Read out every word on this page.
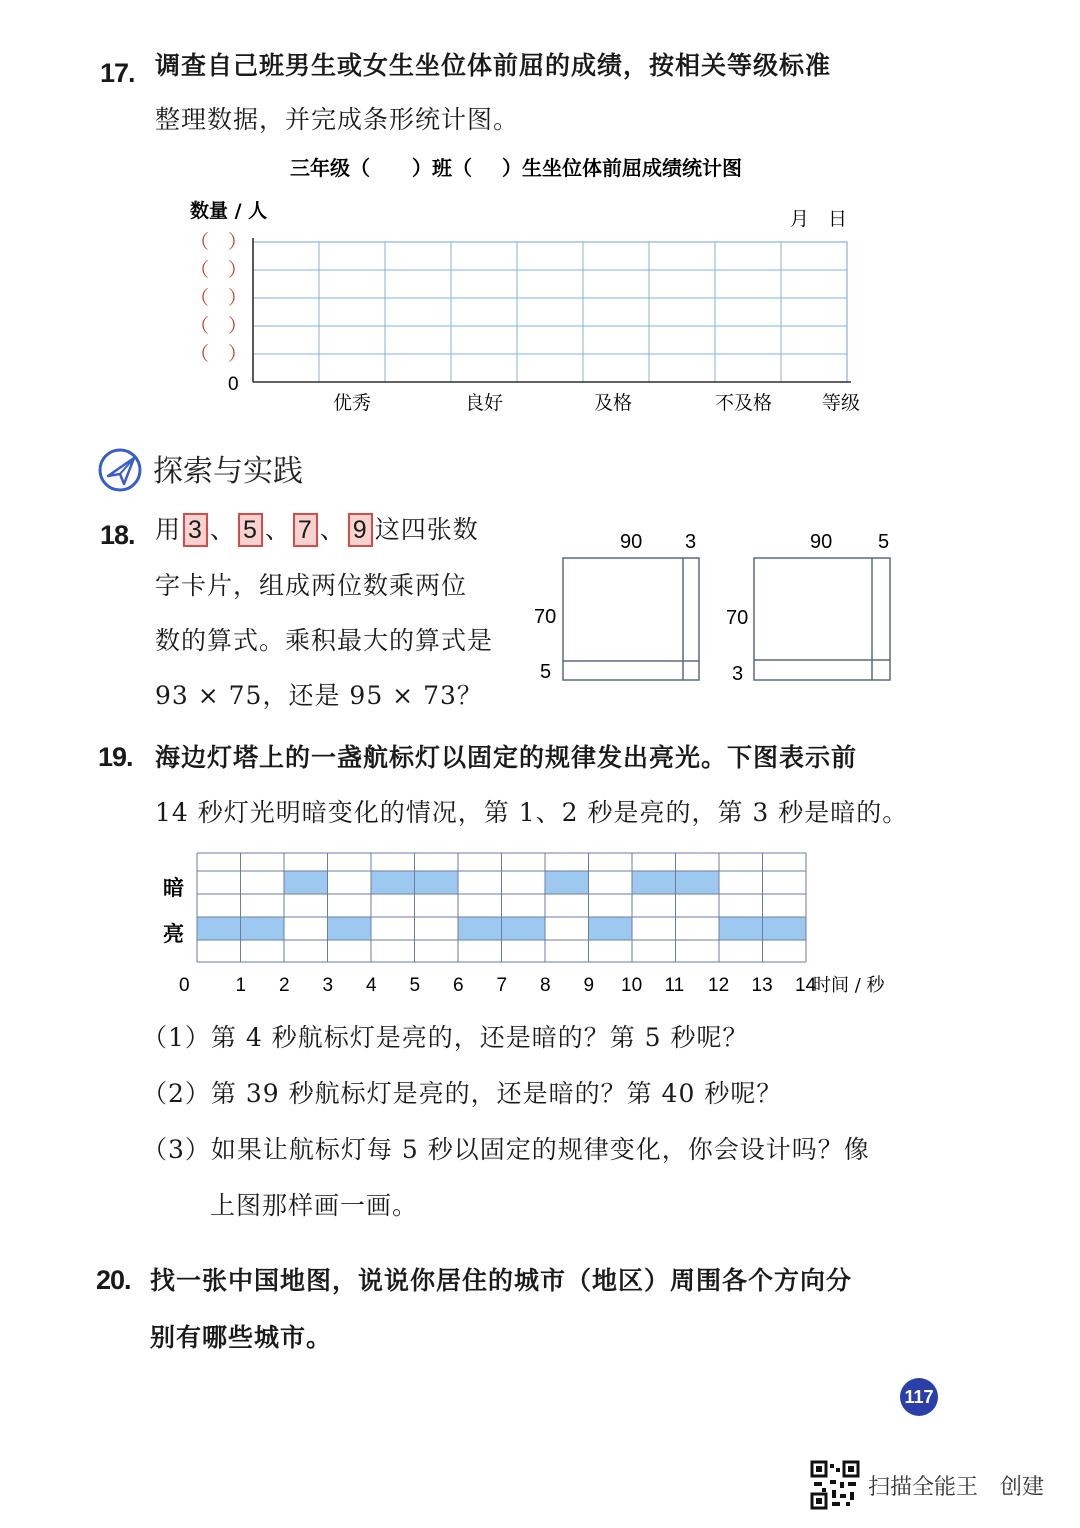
17. 调查自己班男生或女生坐位体前屈的成绩，按相关等级标准
整理数据，并完成条形统计图。
三年级（ ）班（ ）生坐位体前屈成绩统计图
数量 / 人	月　日
（　）
（　）
（　）
（　）
（　）
0
优秀	良好	及格	不及格	等级
探索与实践
18. 用 3 、 5 、 7 、 9 这四张数
字卡片，组成两位数乘两位
数的算式。乘积最大的算式是
93 × 75，还是 95 × 73？
90 3
70
5
90 5
70
3
19. 海边灯塔上的一盏航标灯以固定的规律发出亮光。下图表示前
14 秒灯光明暗变化的情况，第 1、2 秒是亮的，第 3 秒是暗的。
暗
亮
0 1 2 3 4 5 6 7 8 9 10 11 12 13 14
时间 / 秒
（1）第 4 秒航标灯是亮的，还是暗的？第 5 秒呢？
（2）第 39 秒航标灯是亮的，还是暗的？第 40 秒呢？
（3）如果让航标灯每 5 秒以固定的规律变化，你会设计吗？像
上图那样画一画。
20. 找一张中国地图，说说你居住的城市（地区）周围各个方向分
别有哪些城市。
117
扫描全能王　创建
